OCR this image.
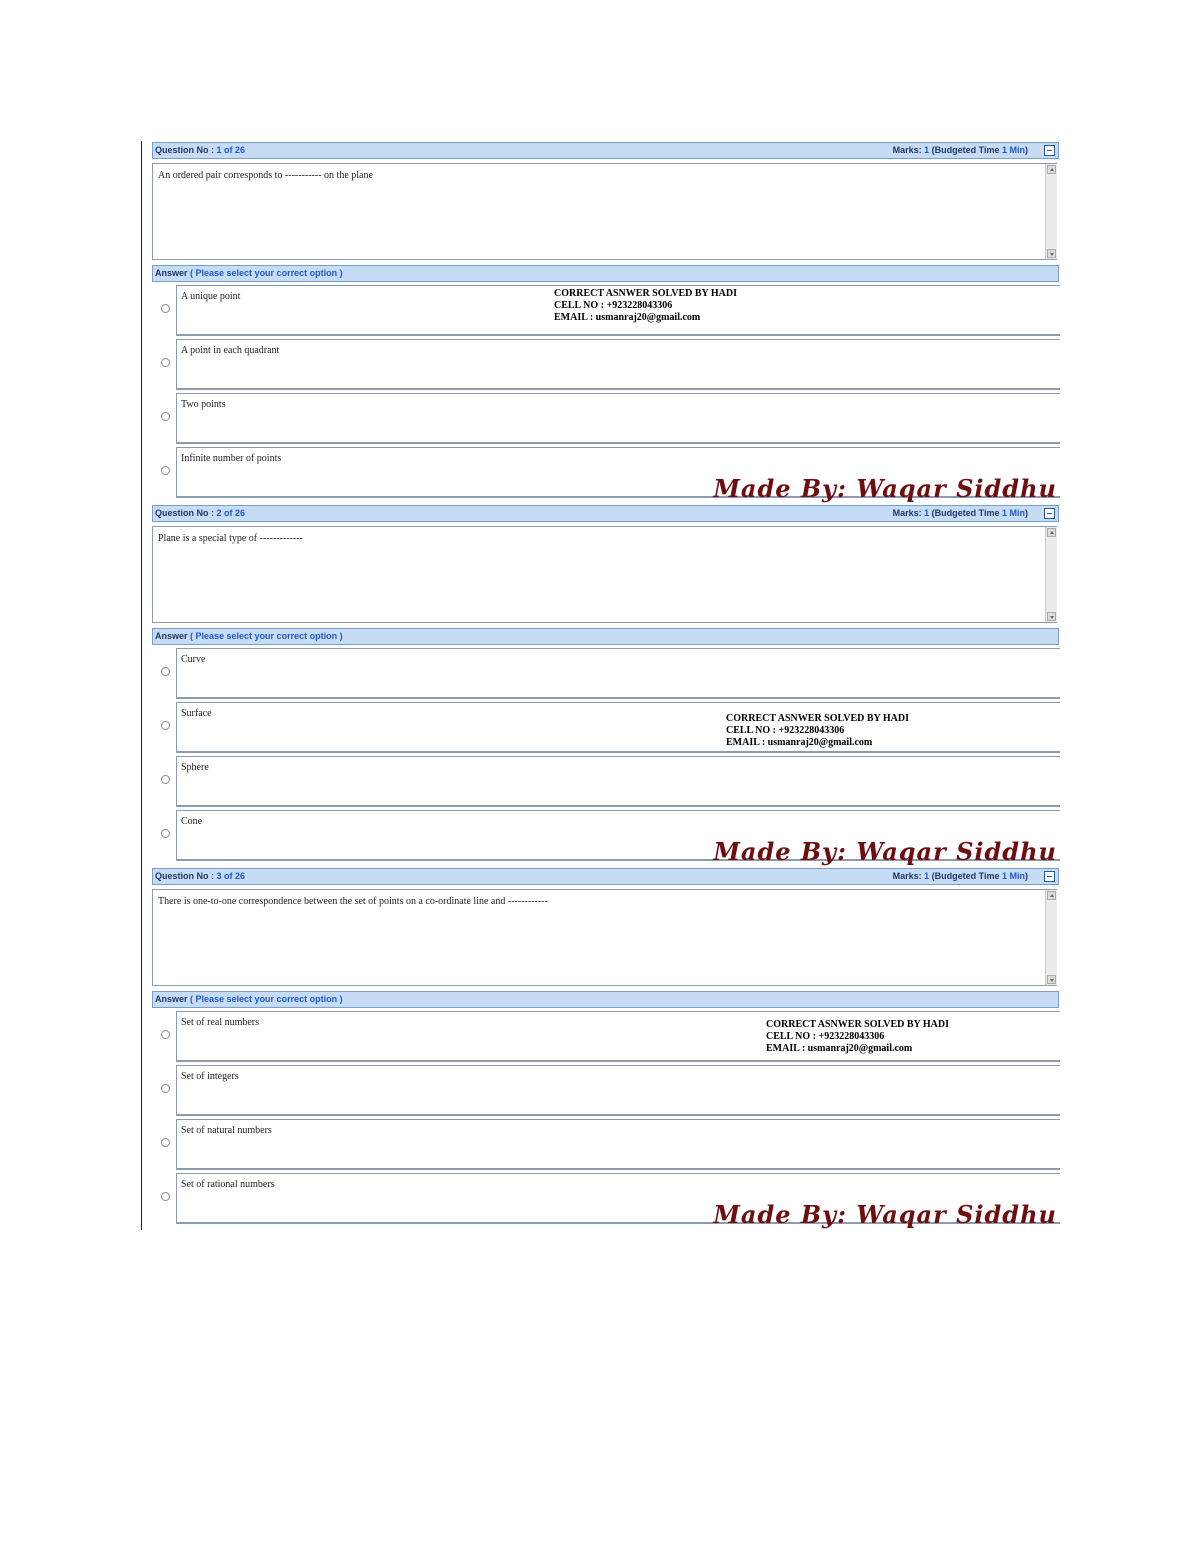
Question No : 1 of 26	Marks: 1 (Budgeted Time 1 Min)
An ordered pair corresponds to ----------- on the plane
Answer ( Please select your correct option )
A unique point
A point in each quadrant
Two points
Infinite number of points
CORRECT ASNWER SOLVED BY HADI
CELL NO : +923228043306
EMAIL : usmanraj20@gmail.com
Made By: Waqar Siddhu
Question No : 2 of 26	Marks: 1 (Budgeted Time 1 Min)
Plane is a special type of -------------
Answer ( Please select your correct option )
Curve
Surface
Sphere
Cone
CORRECT ASNWER SOLVED BY HADI
CELL NO : +923228043306
EMAIL : usmanraj20@gmail.com
Made By: Waqar Siddhu
Question No : 3 of 26	Marks: 1 (Budgeted Time 1 Min)
There is one-to-one correspondence between the set of points on a co-ordinate line and ------------
Answer ( Please select your correct option )
Set of real numbers
Set of integers
Set of natural numbers
Set of rational numbers
CORRECT ASNWER SOLVED BY HADI
CELL NO : +923228043306
EMAIL : usmanraj20@gmail.com
Made By: Waqar Siddhu
